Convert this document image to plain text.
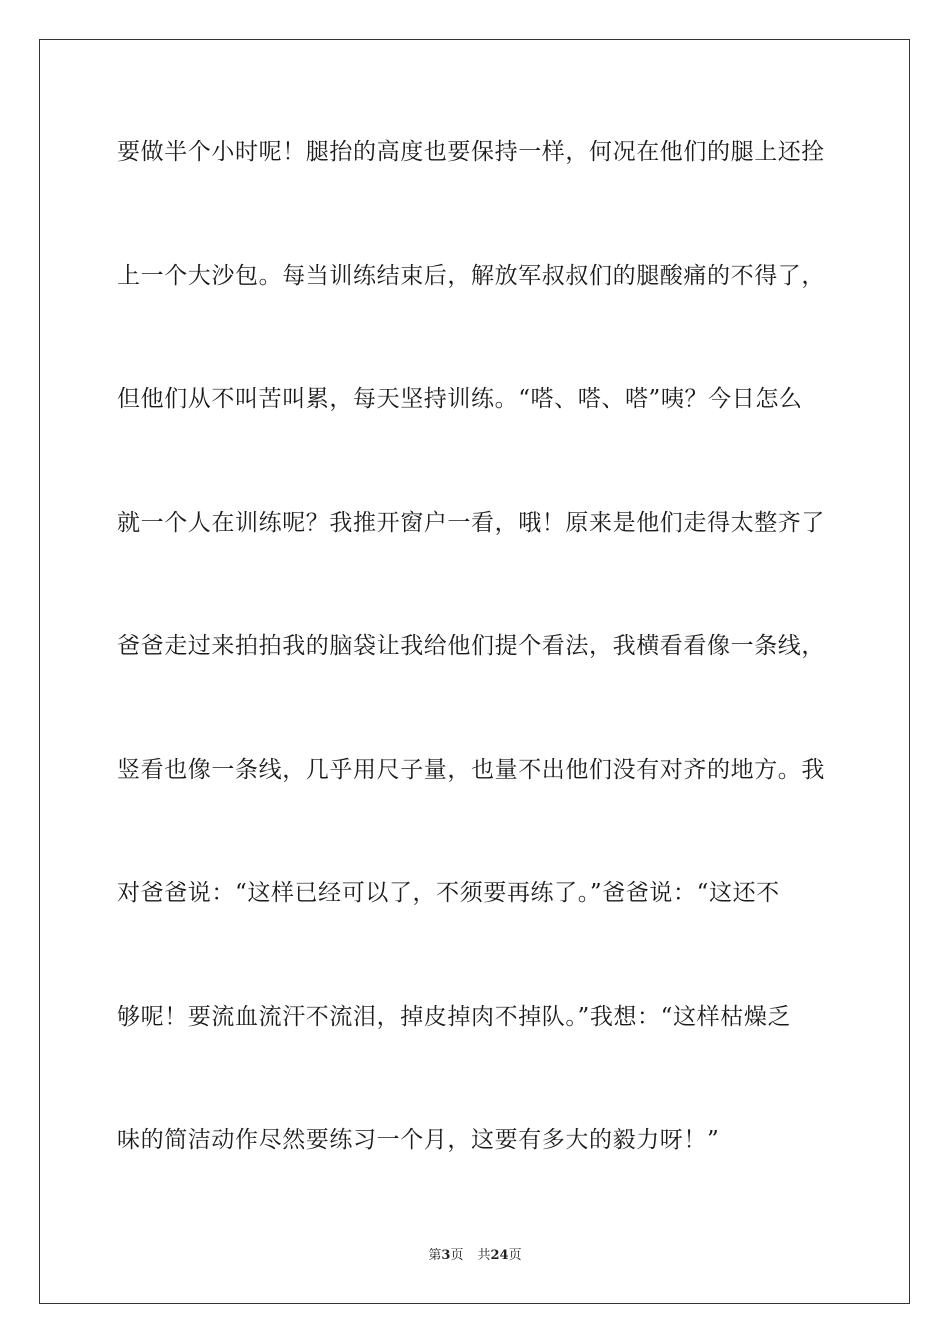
要做半个小时呢！腿抬的高度也要保持一样，何况在他们的腿上还拴
上一个大沙包。每当训练结束后，解放军叔叔们的腿酸痛的不得了，
但他们从不叫苦叫累，每天坚持训练。“嗒、嗒、嗒”咦？今日怎么
就一个人在训练呢？我推开窗户一看，哦！原来是他们走得太整齐了
爸爸走过来拍拍我的脑袋让我给他们提个看法，我横看看像一条线，
竖看也像一条线，几乎用尺子量，也量不出他们没有对齐的地方。我
对爸爸说：“这样已经可以了，不须要再练了。”爸爸说：“这还不
够呢！要流血流汗不流泪，掉皮掉肉不掉队。”我想：“这样枯燥乏
味的简洁动作尽然要练习一个月，这要有多大的毅力呀！”
第3页 共24页
